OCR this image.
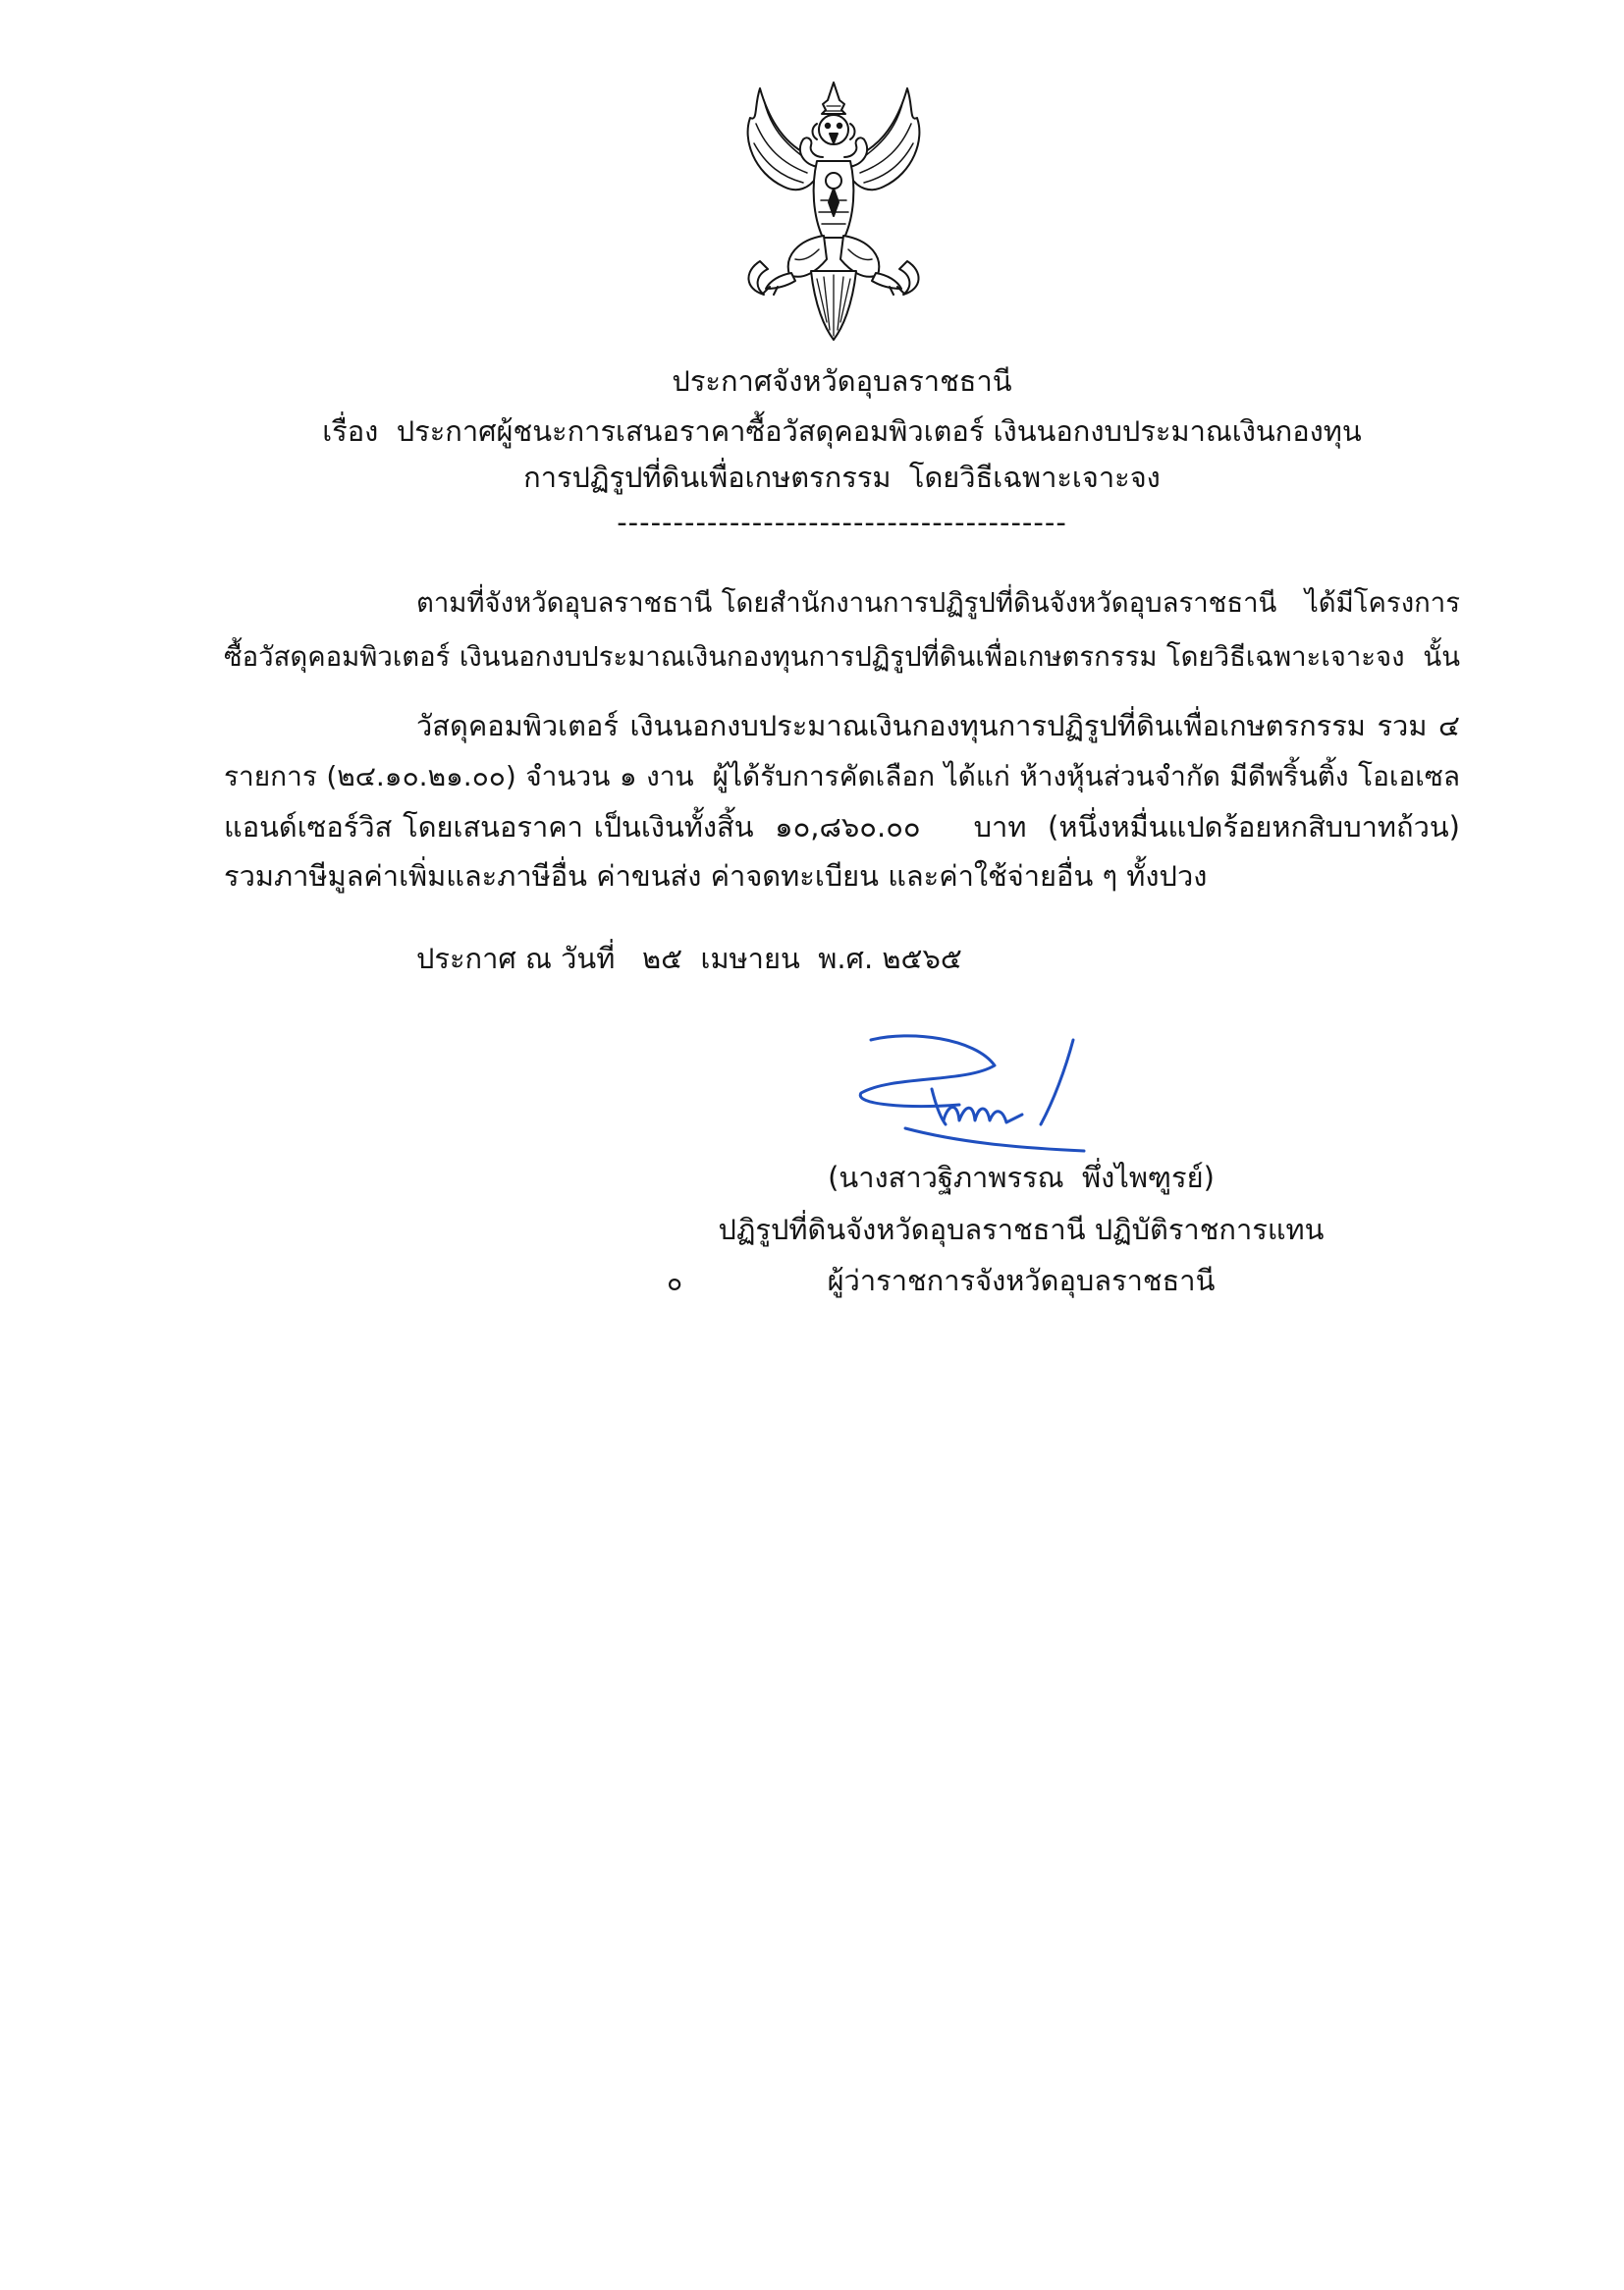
ประกาศจังหวัดอุบลราชธานี
เรื่อง  ประกาศผู้ชนะการเสนอราคาซื้อวัสดุคอมพิวเตอร์ เงินนอกงบประมาณเงินกองทุน
การปฏิรูปที่ดินเพื่อเกษตรกรรม  โดยวิธีเฉพาะเจาะจง
----------------------------------------
ตามที่จังหวัดอุบลราชธานี โดยสำนักงานการปฏิรูปที่ดินจังหวัดอุบลราชธานี   ได้มีโครงการ
ซื้อวัสดุคอมพิวเตอร์ เงินนอกงบประมาณเงินกองทุนการปฏิรูปที่ดินเพื่อเกษตรกรรม โดยวิธีเฉพาะเจาะจง  นั้น
วัสดุคอมพิวเตอร์ เงินนอกงบประมาณเงินกองทุนการปฏิรูปที่ดินเพื่อเกษตรกรรม รวม ๔
รายการ (๒๔.๑๐.๒๑.๐๐) จำนวน ๑ งาน  ผู้ได้รับการคัดเลือก ได้แก่ ห้างหุ้นส่วนจำกัด มีดีพริ้นติ้ง โอเอเซล
แอนด์เซอร์วิส โดยเสนอราคา เป็นเงินทั้งสิ้น  ๑๐,๘๖๐.๐๐     บาท  (หนึ่งหมื่นแปดร้อยหกสิบบาทถ้วน)
รวมภาษีมูลค่าเพิ่มและภาษีอื่น ค่าขนส่ง ค่าจดทะเบียน และค่าใช้จ่ายอื่น ๆ ทั้งปวง
ประกาศ ณ วันที่   ๒๕  เมษายน  พ.ศ. ๒๕๖๕
(นางสาวฐิภาพรรณ  พึ่งไพฑูรย์)
ปฏิรูปที่ดินจังหวัดอุบลราชธานี ปฏิบัติราชการแทน
ผู้ว่าราชการจังหวัดอุบลราชธานี
๐
